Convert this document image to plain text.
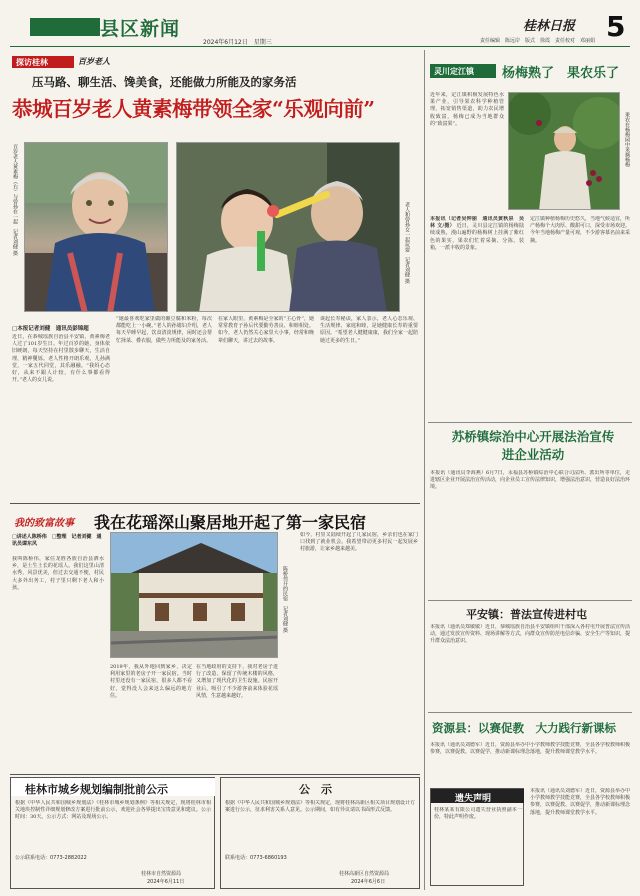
县区新闻
2024年6月12日　星期三
桂林日报
责任编辑　陈远岸　版式　徐霞　责任校对　邓丽娟 5
探访桂林	百岁老人
压马路、聊生活、馋美食，还能做力所能及的家务活
恭城百岁老人黄素梅带领全家“乐观向前”
百岁老人黄素梅（右）与曾孙在一起　记者刘健 摄	老人和曾孙女一起玩耍　记者刘健 摄
□本报记者刘健　通讯员彭锦超
近日，在恭城瑶族自治县平安镇，黄素梅老人过了101岁生日。年过百岁的她，身体依旧硬朗，每天坚持在村里散步聊天，生活自理，精神矍铄。老人性格开朗乐观，儿孙满堂，一家五代同堂，其乐融融。“我妈心态好，从来不跟人计较，有什么事都看得开。”老人的女儿说。
“她最喜欢吃家里做的酿豆腐和米粉，每次都能吃上一小碗。”老人的孙媳妇介绍，老人每天早睡早起，饮食清淡规律，闲时还会帮忙择菜、叠衣服，做些力所能及的家务活。
在家人眼里，黄素梅是全家的“主心骨”，她常常教育子孙后代要勤劳善良、和睦相处。如今，老人仍然关心家里大小事，经常和晚辈们聊天，讲过去的故事。
谈起长寿秘诀，家人表示，老人心态乐观、生活规律、家庭和睦，是她健康长寿的重要原因。“希望老人健健康康，我们全家一起陪她过更多的生日。”
我的致富故事 我在花瑶深山聚居地开起了第一家民宿
□讲述人陈桥伟　□整理　记者刘健　通讯员谭东风
我叫陈桥伟，家住龙胜各族自治县泗水乡，是土生土长的花瑶人。我们这里山清水秀，风景优美，但过去交通不便，村民大多外出务工，村子里只剩下老人和小孩。	陈桥伟开的民宿　记者刘健 摄
2019年，我从外地回到家乡，决定利用家里的老房子开一家民宿。当时村里还没有一家民宿，很多人都不看好，觉得没人会来这么偏远的地方住。
在当地政府的支持下，我对老房子进行了改造，保留了传统木楼的风格，又增加了现代化的卫生设施。民宿开业后，吸引了不少游客前来体验花瑶风情，生意越来越好。
如今，村里又陆续开起了几家民宿，乡亲们也在家门口找到了就业机会。我希望带动更多村民一起发展乡村旅游，让家乡越来越美。
桂林市城乡规划编制批前公示
根据《中华人民共和国城乡规划法》《桂林市城乡规划条例》等相关规定，现将桂林市相关地块控制性详细规划修改方案进行批前公示，欢迎社会各界提出宝贵意见和建议。公示时间：30天。公示方式：网站及现场公示。
公示联系电话：0773-2882022
桂林市自然资源局
2024年6月11日
公　示
根据《中华人民共和国城乡规划法》等相关规定，现将桂林高新区相关项目规划设计方案进行公示，征求利害关系人意见。公示期间，如有异议请以书面形式反馈。
联系电话：0773-6860193
桂林高新区自然资源局
2024年6月6日
灵川定江镇 杨梅熟了　果农乐了
果农在杨梅园中采摘杨梅
本报讯（记者吴钟丽　通讯员黄秋泉　吴林 文/摄） 近日，灵川县定江镇的杨梅陆续成熟，漫山遍野的杨梅树上挂满了紫红色的果实，果农们忙着采摘、分拣、装箱，一派丰收的景象。
定江镇种植杨梅历史悠久，当地气候适宜，所产杨梅个大肉厚、酸甜可口，深受市场欢迎。今年当地杨梅产量可观，不少游客慕名前来采摘。
近年来，定江镇积极发展特色水果产业，引导果农科学种植管理，拓宽销售渠道，助力农民增收致富，杨梅已成为当地群众的“致富果”。
苏桥镇综治中心开展法治宣传进企业活动
本报讯（通讯员李海燕）6月7日，永福县苏桥镇综治中心联合司法所、派出所等单位，走进辖区企业开展法治宣传活动，向企业员工宣传法律知识，增强法治意识，营造良好法治环境。
平安镇：普法宣传进村屯
本报讯（通讯员郑敏敏）近日，恭城瑶族自治县平安镇组织干部深入各村屯开展普法宣传活动，通过发放宣传资料、现场讲解等方式，向群众宣传防范电信诈骗、安全生产等知识，提升群众法治意识。
资源县：以赛促教　大力践行新课标
本报讯（通讯员刘德军）近日，资源县举办中小学教师教学技能竞赛，全县各学校教师积极参赛，以赛促教、以赛促学，推动新课标理念落地，提升教师课堂教学水平。
遗失声明
桂林某某有限公司遗失营业执照副本一份，特此声明作废。
本报讯（通讯员刘德军）近日，资源县举办中小学教师教学技能竞赛，全县各学校教师积极参赛，以赛促教、以赛促学，推动新课标理念落地，提升教师课堂教学水平。
